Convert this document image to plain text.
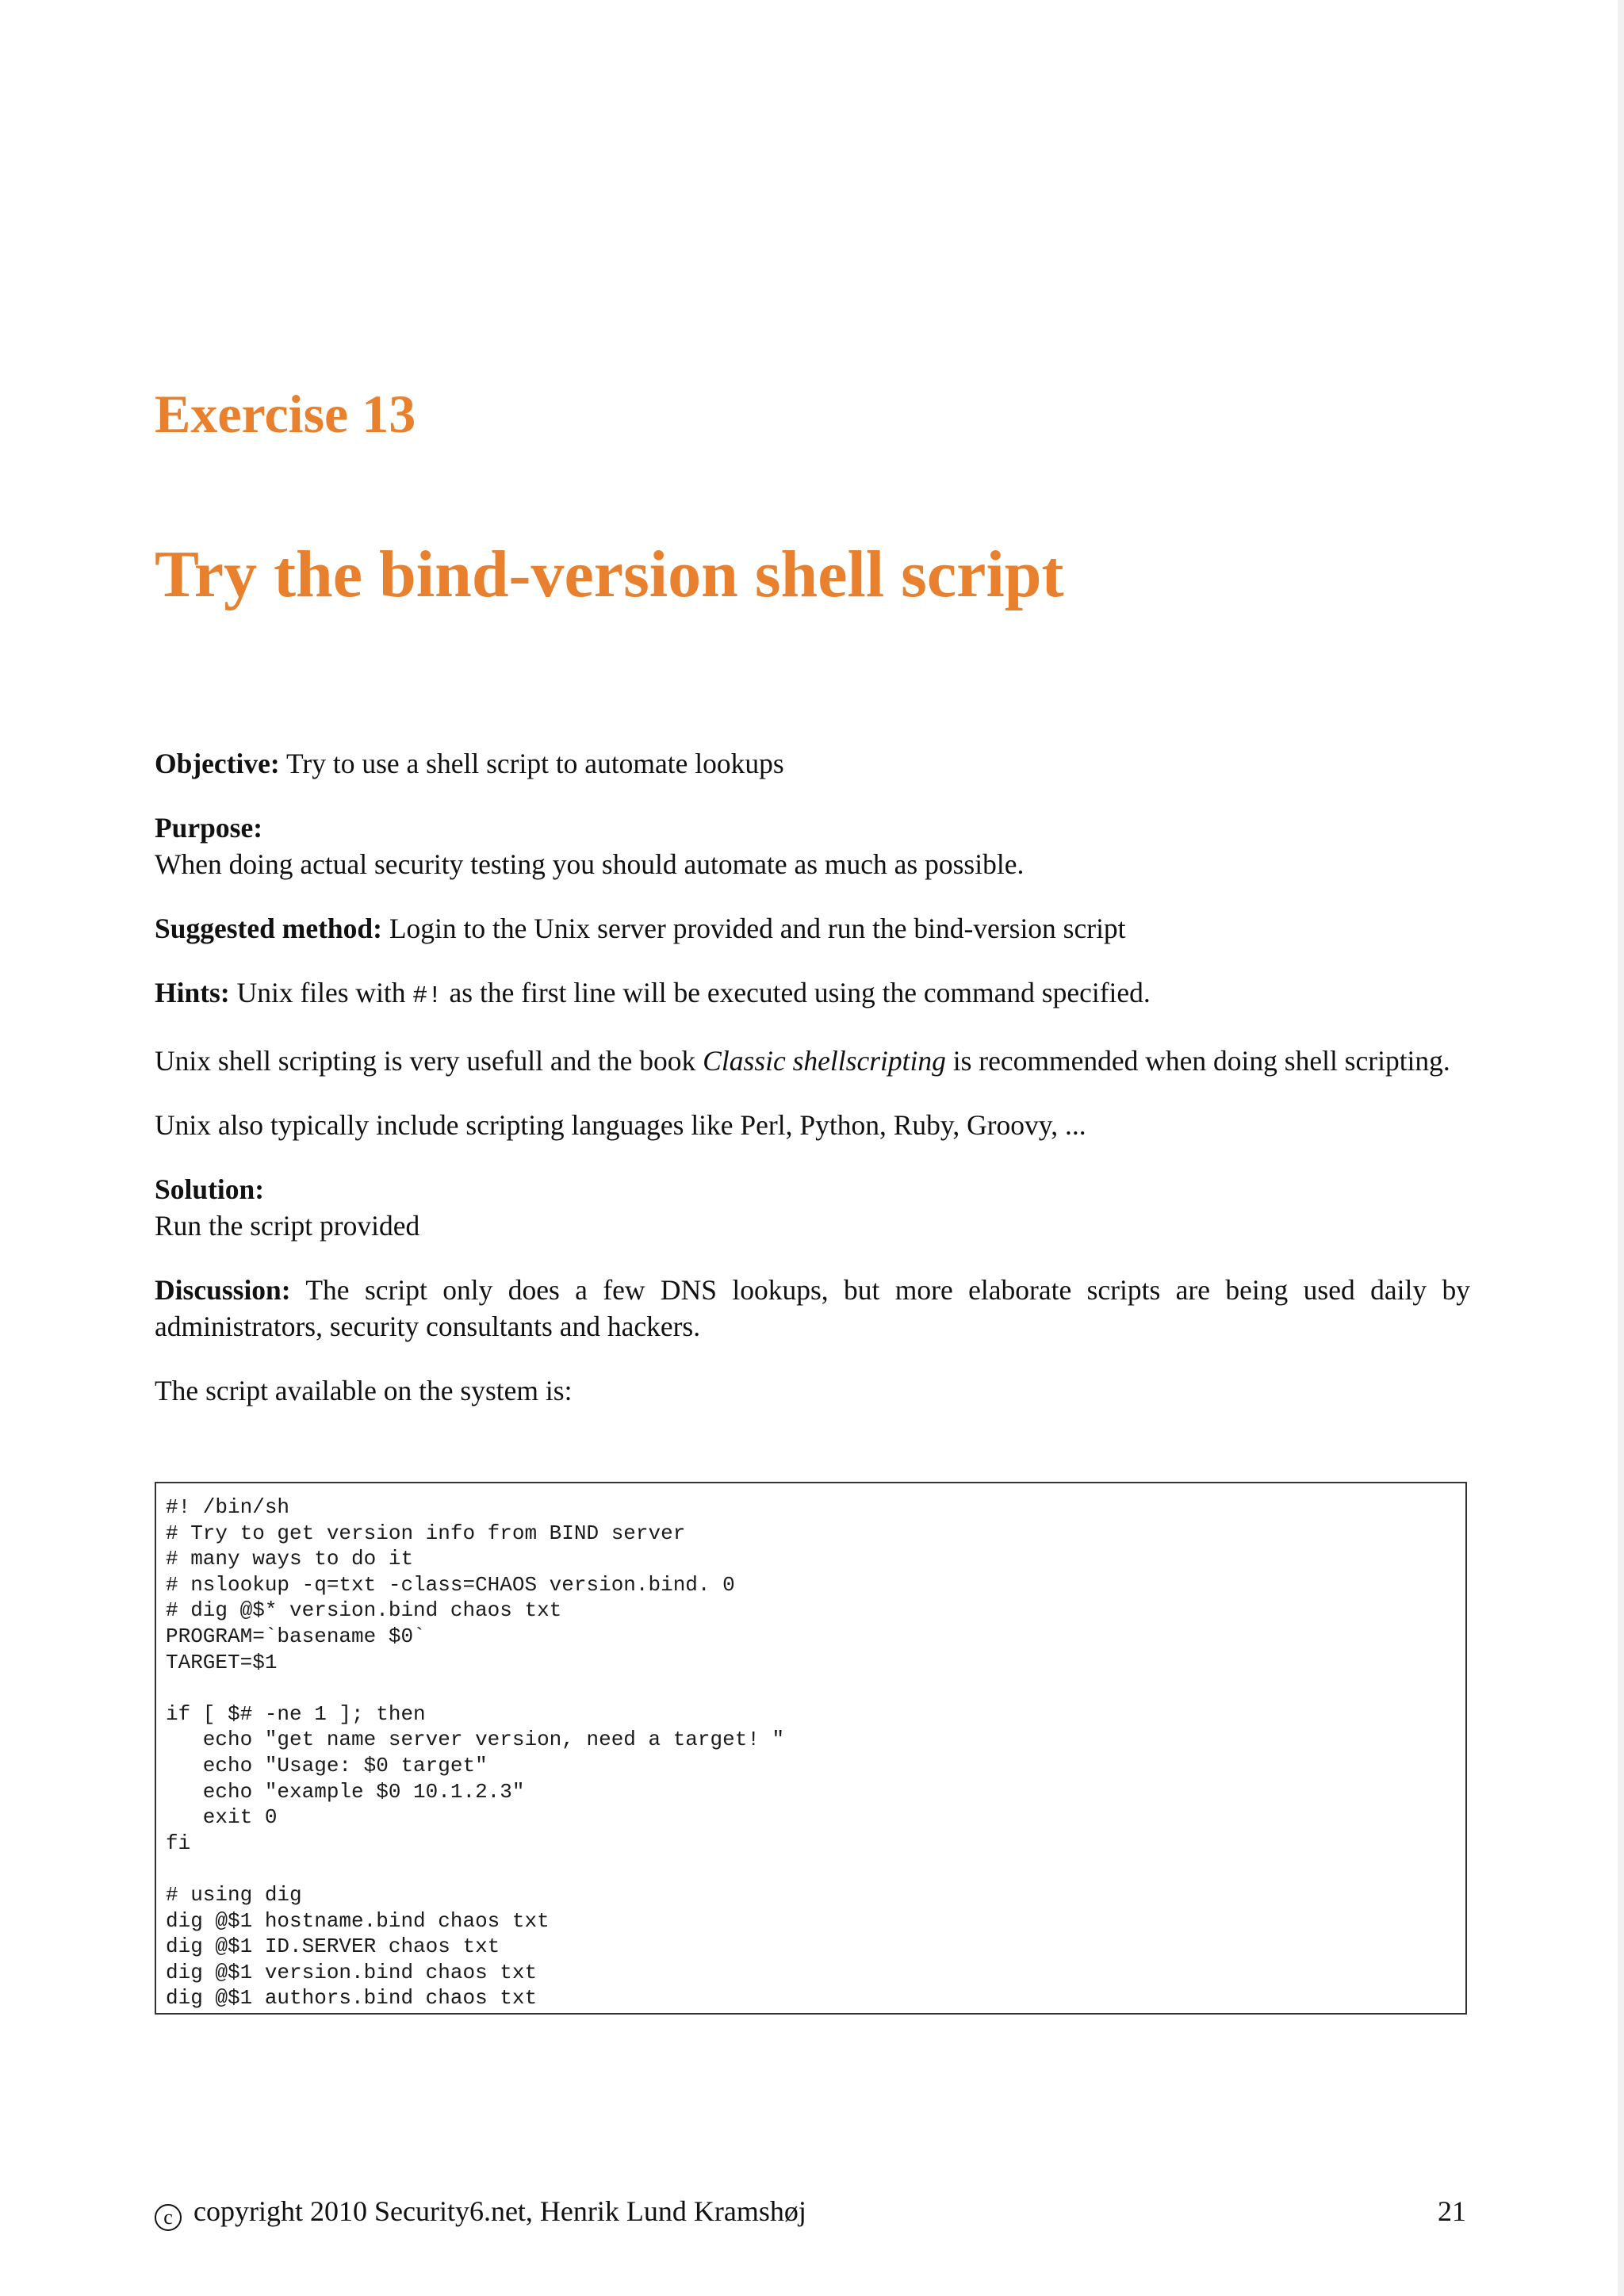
Exercise 13
Try the bind-version shell script

Objective: Try to use a shell script to automate lookups

Purpose:
When doing actual security testing you should automate as much as possible.

Suggested method: Login to the Unix server provided and run the bind-version script

Hints: Unix files with #! as the first line will be executed using the command specified.

Unix shell scripting is very usefull and the book Classic shellscripting is recommended when doing shell scripting.

Unix also typically include scripting languages like Perl, Python, Ruby, Groovy, ...

Solution:
Run the script provided

Discussion: The script only does a few DNS lookups, but more elaborate scripts are being used daily by administrators, security consultants and hackers.

The script available on the system is:

#! /bin/sh
# Try to get version info from BIND server
# many ways to do it
# nslookup -q=txt -class=CHAOS version.bind. 0
# dig @$* version.bind chaos txt
PROGRAM=`basename $0`
TARGET=$1

if [ $# -ne 1 ]; then
echo "get name server version, need a target! "
echo "Usage: $0 target"
echo "example $0 10.1.2.3"
exit 0
fi

# using dig
dig @$1 hostname.bind chaos txt
dig @$1 ID.SERVER chaos txt
dig @$1 version.bind chaos txt
dig @$1 authors.bind chaos txt
c copyright 2010 Security6.net, Henrik Lund Kramshøj	21
